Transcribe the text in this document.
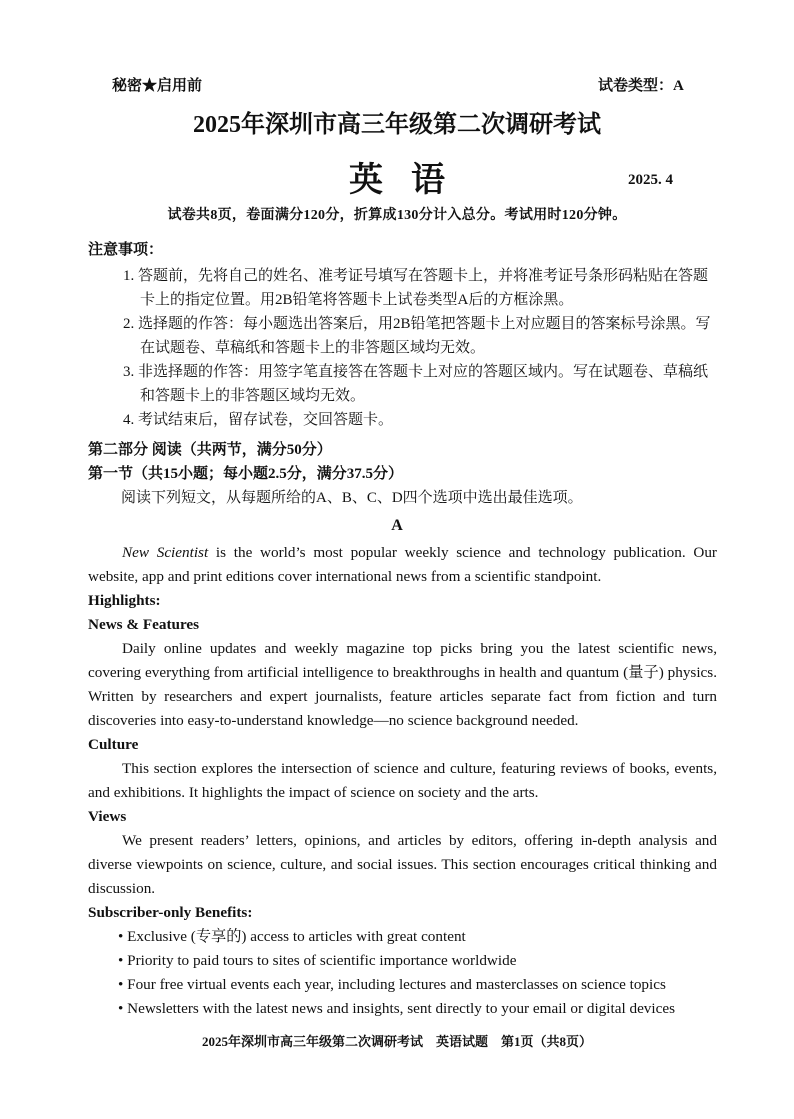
秘密★启用前	试卷类型：A
2025年深圳市高三年级第二次调研考试
英语	2025. 4
试卷共8页，卷面满分120分，折算成130分计入总分。考试用时120分钟。
注意事项：
1. 答题前，先将自己的姓名、准考证号填写在答题卡上，并将准考证号条形码粘贴在答题卡上的指定位置。用2B铅笔将答题卡上试卷类型A后的方框涂黑。
2. 选择题的作答：每小题选出答案后，用2B铅笔把答题卡上对应题目的答案标号涂黑。写在试题卷、草稿纸和答题卡上的非答题区域均无效。
3. 非选择题的作答：用签字笔直接答在答题卡上对应的答题区域内。写在试题卷、草稿纸和答题卡上的非答题区域均无效。
4. 考试结束后，留存试卷，交回答题卡。
第二部分 阅读（共两节，满分50分）
第一节（共15小题；每小题2.5分，满分37.5分）
阅读下列短文，从每题所给的A、B、C、D四个选项中选出最佳选项。
A

New Scientist is the world’s most popular weekly science and technology publication. Our website, app and print editions cover international news from a scientific standpoint.

Highlights:

News & Features

Daily online updates and weekly magazine top picks bring you the latest scientific news, covering everything from artificial intelligence to breakthroughs in health and quantum (量子) physics. Written by researchers and expert journalists, feature articles separate fact from fiction and turn discoveries into easy-to-understand knowledge—no science background needed.

Culture

This section explores the intersection of science and culture, featuring reviews of books, events, and exhibitions. It highlights the impact of science on society and the arts.

Views

We present readers’ letters, opinions, and articles by editors, offering in-depth analysis and diverse viewpoints on science, culture, and social issues. This section encourages critical thinking and discussion.

Subscriber-only Benefits:

• Exclusive (专享的) access to articles with great content
• Priority to paid tours to sites of scientific importance worldwide
• Four free virtual events each year, including lectures and masterclasses on science topics
• Newsletters with the latest news and insights, sent directly to your email or digital devices
2025年深圳市高三年级第二次调研考试　英语试题　第1页（共8页）
